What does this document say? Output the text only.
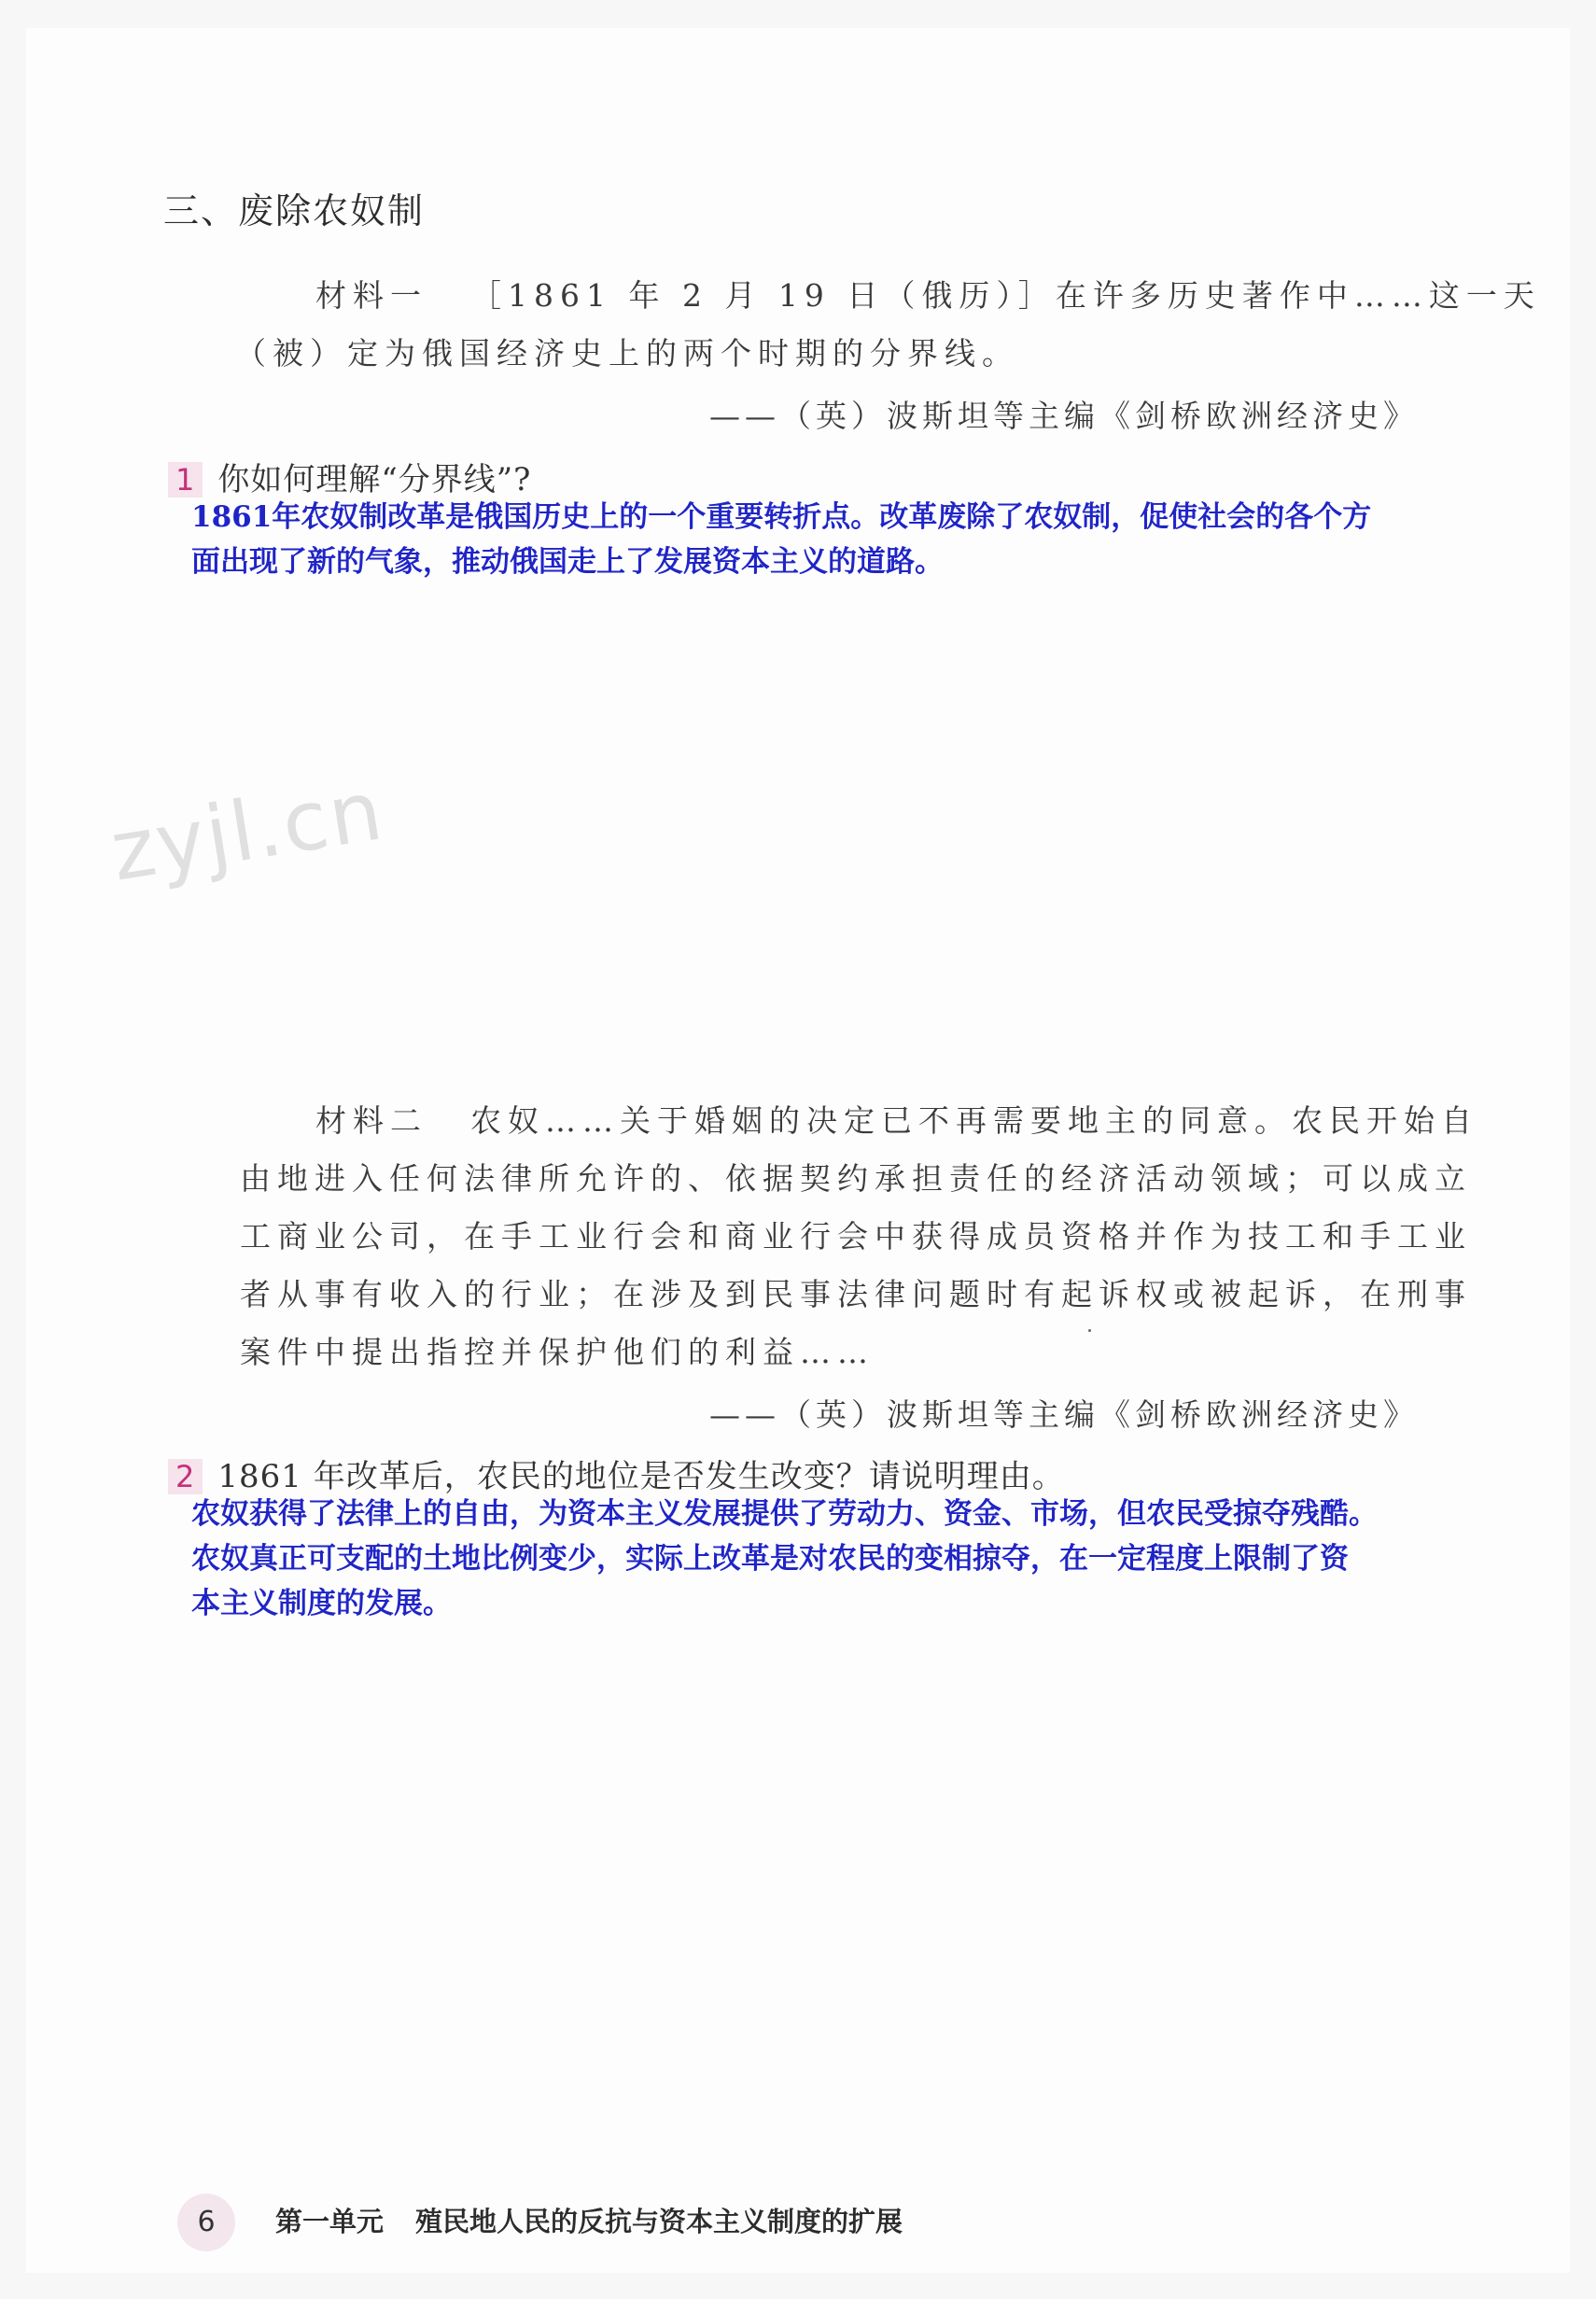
三、废除农奴制
材料一 ［1861 年 2 月 19 日（俄历）］在许多历史著作中……这一天
（被）定为俄国经济史上的两个时期的分界线。
——（英）波斯坦等主编《剑桥欧洲经济史》
1 你如何理解“分界线”?
1861年农奴制改革是俄国历史上的一个重要转折点。改革废除了农奴制，促使社会的各个方
面出现了新的气象，推动俄国走上了发展资本主义的道路。
zyjl.cn
材料二 农奴……关于婚姻的决定已不再需要地主的同意。农民开始自
由地进入任何法律所允许的、依据契约承担责任的经济活动领域；可以成立
工商业公司，在手工业行会和商业行会中获得成员资格并作为技工和手工业
者从事有收入的行业；在涉及到民事法律问题时有起诉权或被起诉，在刑事
案件中提出指控并保护他们的利益……
——（英）波斯坦等主编《剑桥欧洲经济史》
2 1861 年改革后，农民的地位是否发生改变？请说明理由。
农奴获得了法律上的自由，为资本主义发展提供了劳动力、资金、市场，但农民受掠夺残酷。
农奴真正可支配的土地比例变少，实际上改革是对农民的变相掠夺，在一定程度上限制了资
本主义制度的发展。
6	第一单元 殖民地人民的反抗与资本主义制度的扩展
